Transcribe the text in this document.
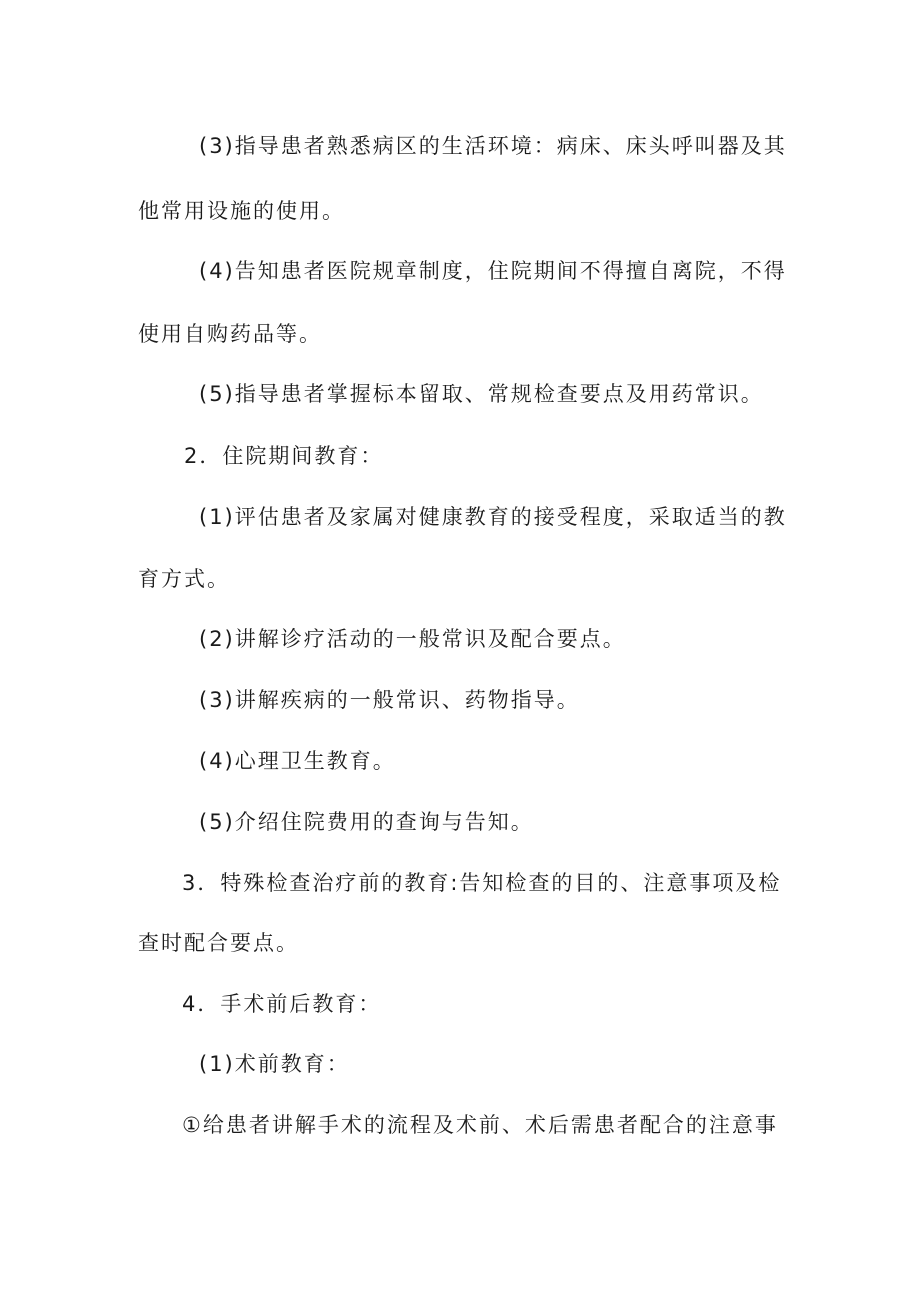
(3)指导患者熟悉病区的生活环境：病床、床头呼叫器及其
他常用设施的使用。
(4)告知患者医院规章制度，住院期间不得擅自离院，不得
使用自购药品等。
(5)指导患者掌握标本留取、常规检查要点及用药常识。
2．住院期间教育：
(1)评估患者及家属对健康教育的接受程度，采取适当的教
育方式。
(2)讲解诊疗活动的一般常识及配合要点。
(3)讲解疾病的一般常识、药物指导。
(4)心理卫生教育。
(5)介绍住院费用的查询与告知。
3．特殊检查治疗前的教育:告知检查的目的、注意事项及检
查时配合要点。
4．手术前后教育：
(1)术前教育：
①给患者讲解手术的流程及术前、术后需患者配合的注意事
